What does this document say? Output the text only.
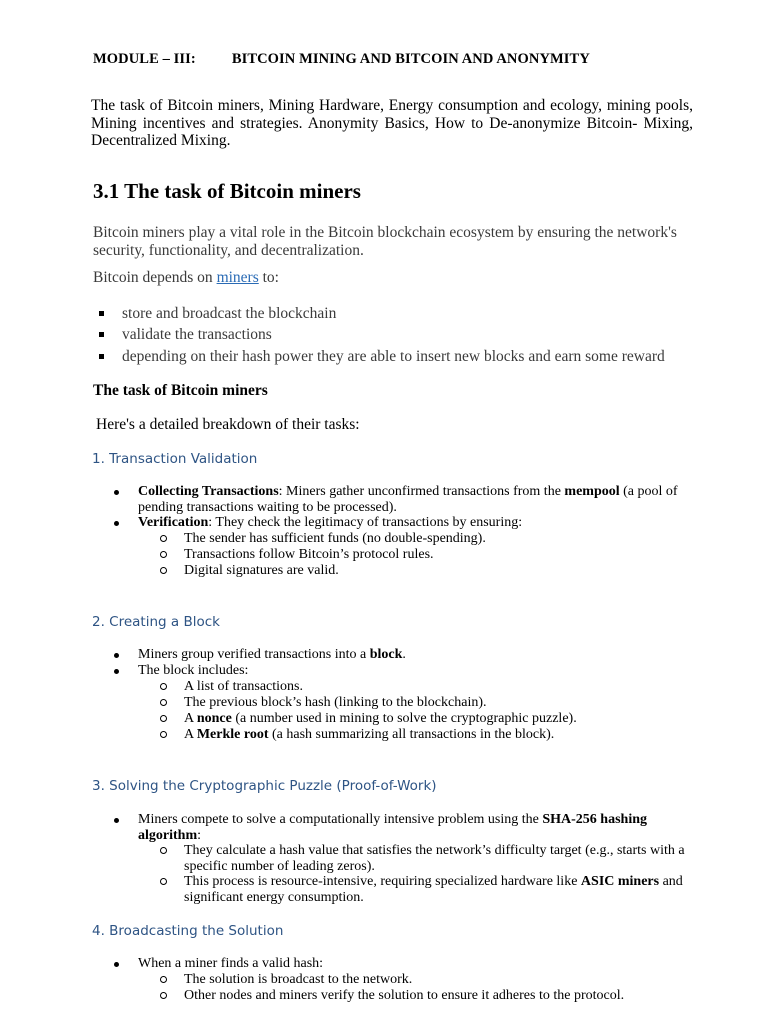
MODULE – III: BITCOIN MINING AND BITCOIN AND ANONYMITY
The task of Bitcoin miners, Mining Hardware, Energy consumption and ecology, mining pools, Mining incentives and strategies. Anonymity Basics, How to De-anonymize Bitcoin- Mixing, Decentralized Mixing.
3.1 The task of Bitcoin miners
Bitcoin miners play a vital role in the Bitcoin blockchain ecosystem by ensuring the network's security, functionality, and decentralization.
Bitcoin depends on miners to:
store and broadcast the blockchain
validate the transactions
depending on their hash power they are able to insert new blocks and earn some reward
The task of Bitcoin miners
Here's a detailed breakdown of their tasks:
1. Transaction Validation
Collecting Transactions: Miners gather unconfirmed transactions from the mempool (a pool of pending transactions waiting to be processed).
Verification: They check the legitimacy of transactions by ensuring:
The sender has sufficient funds (no double-spending).
Transactions follow Bitcoin’s protocol rules.
Digital signatures are valid.
2. Creating a Block
Miners group verified transactions into a block.
The block includes:
A list of transactions.
The previous block’s hash (linking to the blockchain).
A nonce (a number used in mining to solve the cryptographic puzzle).
A Merkle root (a hash summarizing all transactions in the block).
3. Solving the Cryptographic Puzzle (Proof-of-Work)
Miners compete to solve a computationally intensive problem using the SHA-256 hashing algorithm:
They calculate a hash value that satisfies the network’s difficulty target (e.g., starts with a specific number of leading zeros).
This process is resource-intensive, requiring specialized hardware like ASIC miners and significant energy consumption.
4. Broadcasting the Solution
When a miner finds a valid hash:
The solution is broadcast to the network.
Other nodes and miners verify the solution to ensure it adheres to the protocol.
